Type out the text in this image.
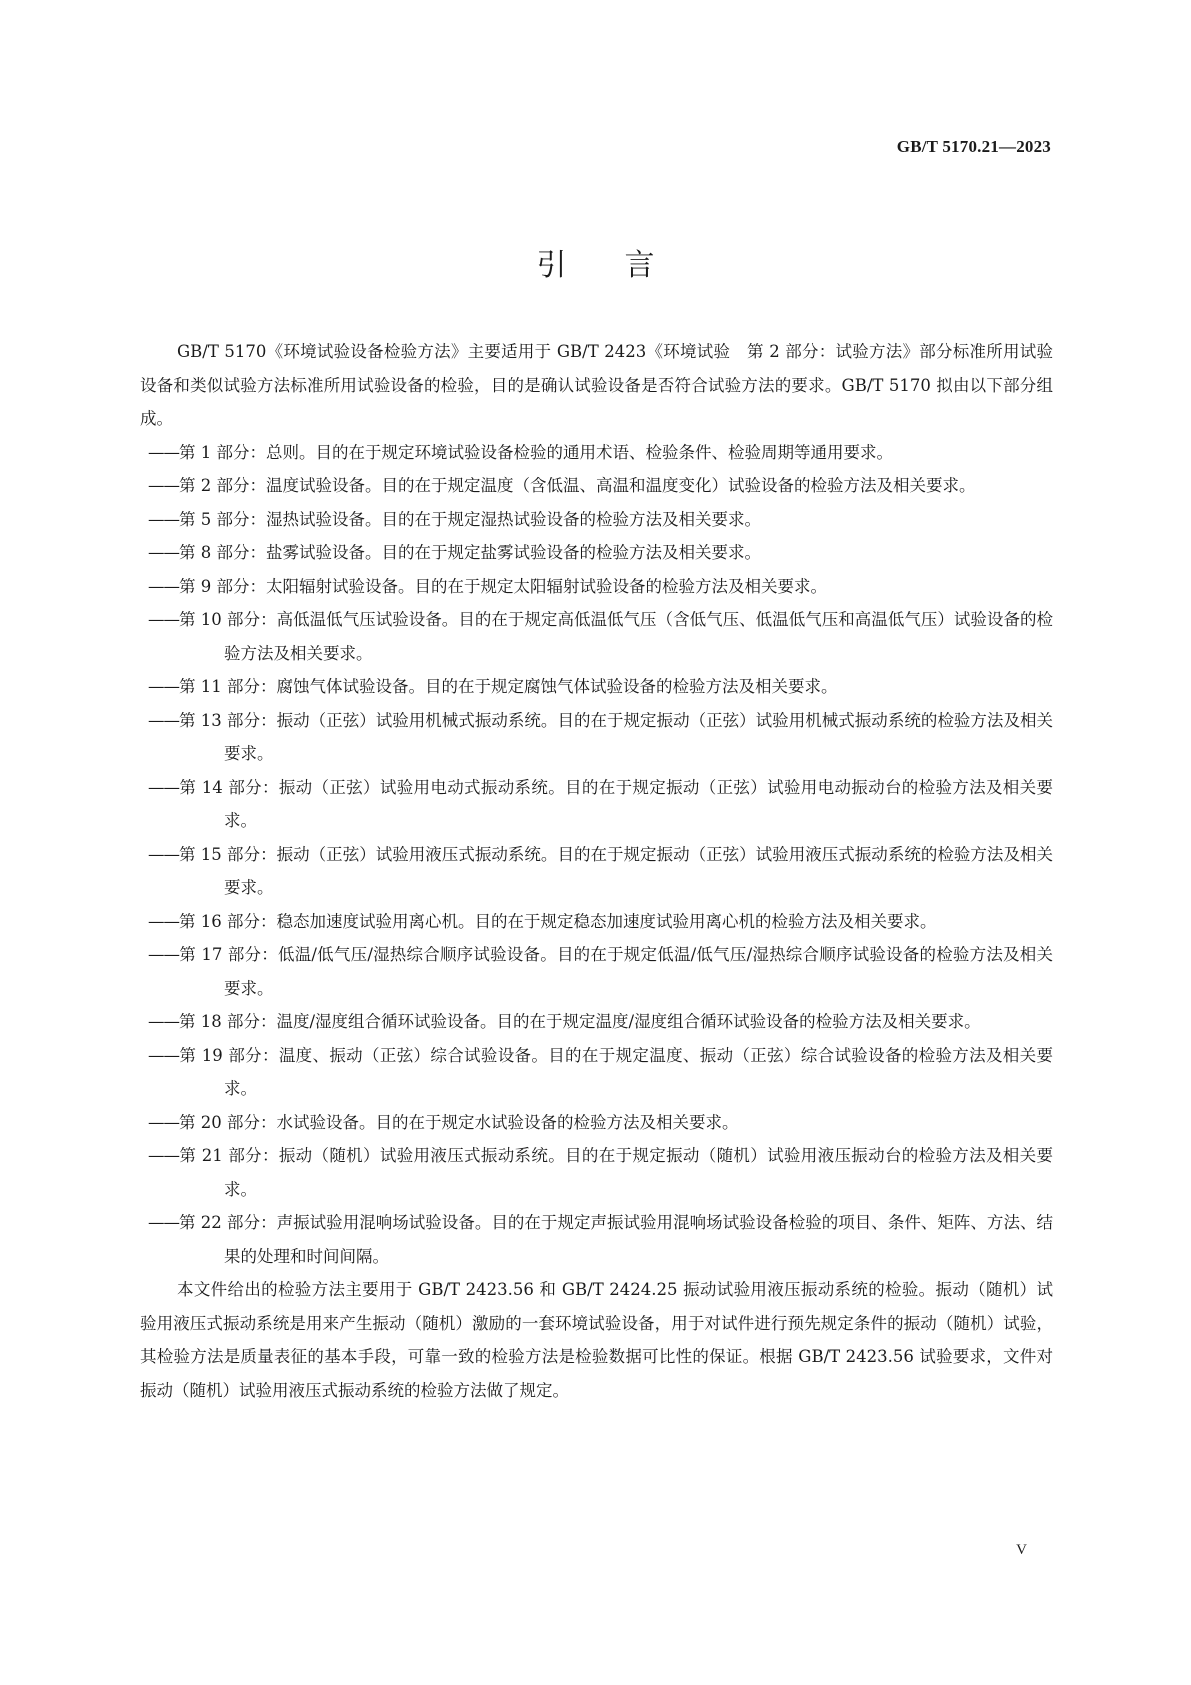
GB/T 5170.21—2023
引言

GB/T 5170《环境试验设备检验方法》主要适用于 GB/T 2423《环境试验　第 2 部分：试验方法》部分标准所用试验设备和类似试验方法标准所用试验设备的检验，目的是确认试验设备是否符合试验方法的要求。GB/T 5170 拟由以下部分组成。

——第 1 部分：总则。目的在于规定环境试验设备检验的通用术语、检验条件、检验周期等通用要求。

——第 2 部分：温度试验设备。目的在于规定温度（含低温、高温和温度变化）试验设备的检验方法及相关要求。

——第 5 部分：湿热试验设备。目的在于规定湿热试验设备的检验方法及相关要求。

——第 8 部分：盐雾试验设备。目的在于规定盐雾试验设备的检验方法及相关要求。

——第 9 部分：太阳辐射试验设备。目的在于规定太阳辐射试验设备的检验方法及相关要求。

——第 10 部分：高低温低气压试验设备。目的在于规定高低温低气压（含低气压、低温低气压和高温低气压）试验设备的检验方法及相关要求。

——第 11 部分：腐蚀气体试验设备。目的在于规定腐蚀气体试验设备的检验方法及相关要求。

——第 13 部分：振动（正弦）试验用机械式振动系统。目的在于规定振动（正弦）试验用机械式振动系统的检验方法及相关要求。

——第 14 部分：振动（正弦）试验用电动式振动系统。目的在于规定振动（正弦）试验用电动振动台的检验方法及相关要求。

——第 15 部分：振动（正弦）试验用液压式振动系统。目的在于规定振动（正弦）试验用液压式振动系统的检验方法及相关要求。

——第 16 部分：稳态加速度试验用离心机。目的在于规定稳态加速度试验用离心机的检验方法及相关要求。

——第 17 部分：低温/低气压/湿热综合顺序试验设备。目的在于规定低温/低气压/湿热综合顺序试验设备的检验方法及相关要求。

——第 18 部分：温度/湿度组合循环试验设备。目的在于规定温度/湿度组合循环试验设备的检验方法及相关要求。

——第 19 部分：温度、振动（正弦）综合试验设备。目的在于规定温度、振动（正弦）综合试验设备的检验方法及相关要求。

——第 20 部分：水试验设备。目的在于规定水试验设备的检验方法及相关要求。

——第 21 部分：振动（随机）试验用液压式振动系统。目的在于规定振动（随机）试验用液压振动台的检验方法及相关要求。

——第 22 部分：声振试验用混响场试验设备。目的在于规定声振试验用混响场试验设备检验的项目、条件、矩阵、方法、结果的处理和时间间隔。

本文件给出的检验方法主要用于 GB/T 2423.56 和 GB/T 2424.25 振动试验用液压振动系统的检验。振动（随机）试验用液压式振动系统是用来产生振动（随机）激励的一套环境试验设备，用于对试件进行预先规定条件的振动（随机）试验，其检验方法是质量表征的基本手段，可靠一致的检验方法是检验数据可比性的保证。根据 GB/T 2423.56 试验要求，文件对振动（随机）试验用液压式振动系统的检验方法做了规定。

V
